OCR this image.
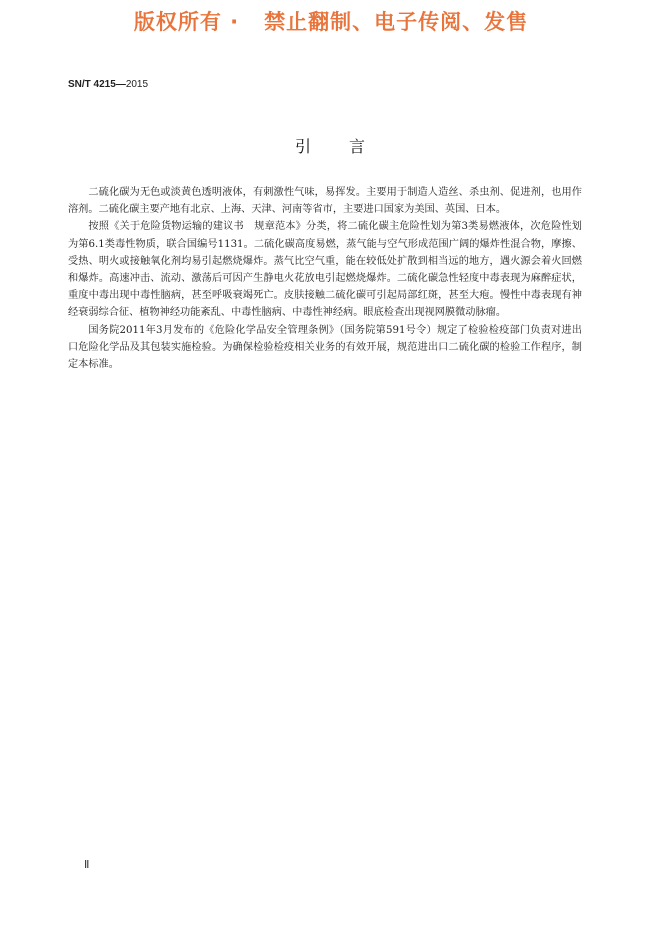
版权所有 ·   禁止翻制、电子传阅、发售
SN/T 4215—2015
引 言

二硫化碳为无色或淡黄色透明液体，有刺激性气味，易挥发。主要用于制造人造丝、杀虫剂、促进剂，也用作溶剂。二硫化碳主要产地有北京、上海、天津、河南等省市，主要进口国家为美国、英国、日本。

按照《关于危险货物运输的建议书　规章范本》分类，将二硫化碳主危险性划为第3类易燃液体，次危险性划为第6.1类毒性物质，联合国编号1131。二硫化碳高度易燃，蒸气能与空气形成范围广阔的爆炸性混合物，摩擦、受热、明火或接触氧化剂均易引起燃烧爆炸。蒸气比空气重，能在较低处扩散到相当远的地方，遇火源会着火回燃和爆炸。高速冲击、流动、激荡后可因产生静电火花放电引起燃烧爆炸。二硫化碳急性轻度中毒表现为麻醉症状，重度中毒出现中毒性脑病，甚至呼吸衰竭死亡。皮肤接触二硫化碳可引起局部红斑，甚至大疱。慢性中毒表现有神经衰弱综合征、植物神经功能紊乱、中毒性脑病、中毒性神经病。眼底检查出现视网膜微动脉瘤。

国务院2011年3月发布的《危险化学品安全管理条例》（国务院第591号令）规定了检验检疫部门负责对进出口危险化学品及其包装实施检验。为确保检验检疫相关业务的有效开展，规范进出口二硫化碳的检验工作程序，制定本标准。

Ⅱ
